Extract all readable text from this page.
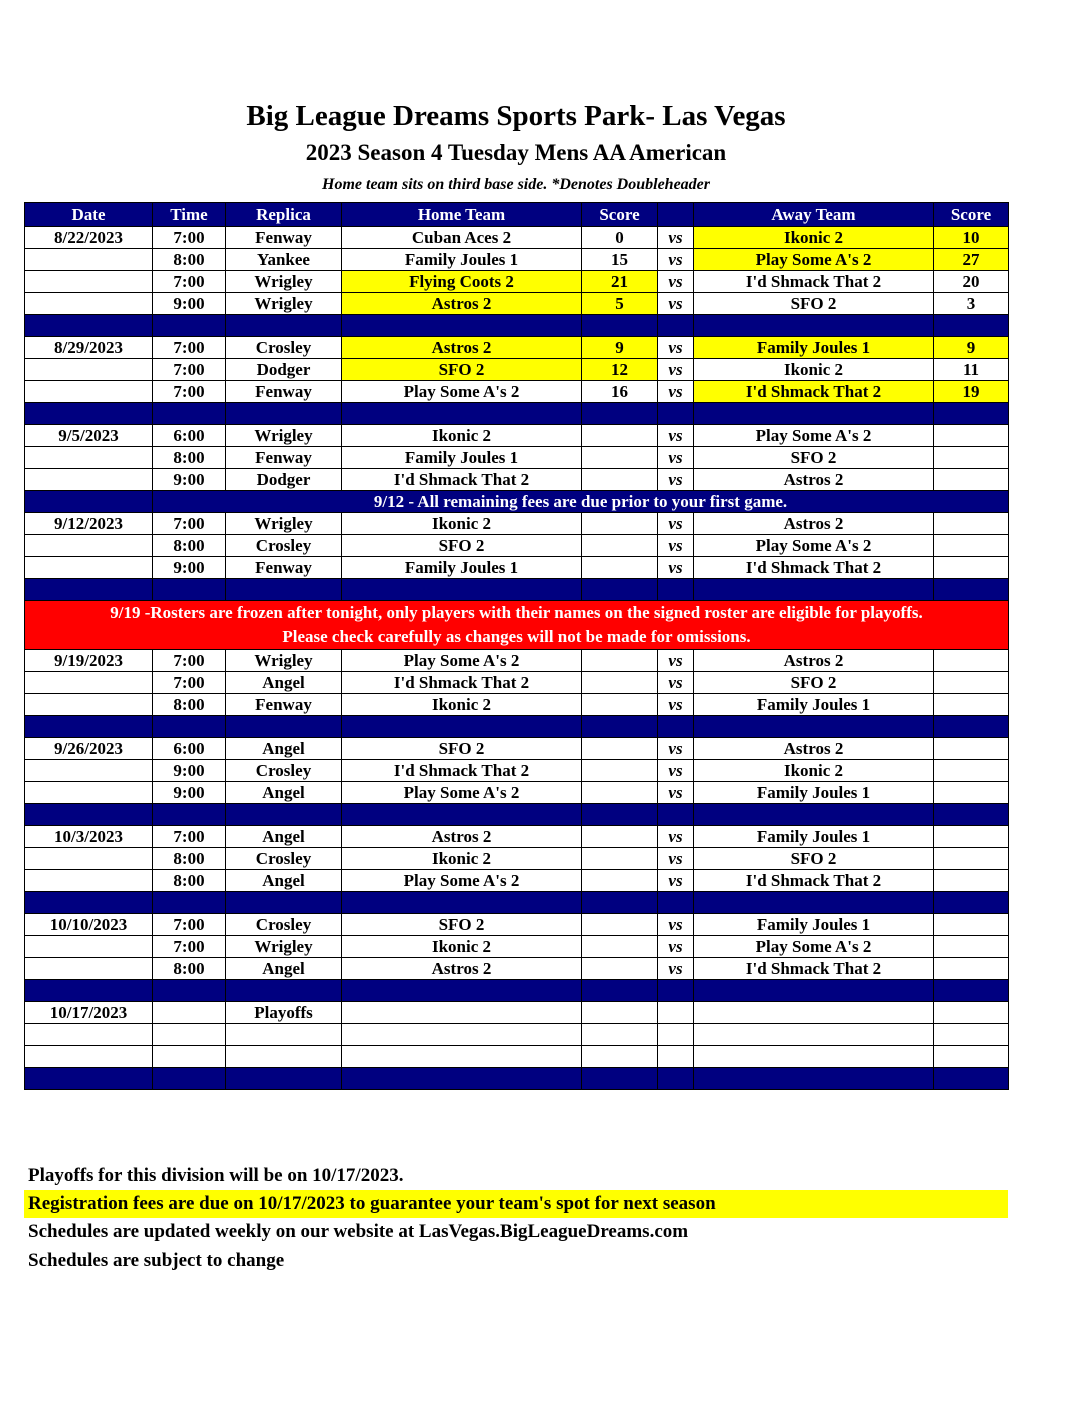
Big League Dreams Sports Park- Las Vegas
2023 Season 4 Tuesday Mens AA American
Home team sits on third base side. *Denotes Doubleheader
Date	Time	Replica	Home Team	Score		Away Team	Score
8/22/2023	7:00	Fenway	Cuban Aces 2	0	vs	Ikonic 2	10
	8:00	Yankee	Family Joules 1	15	vs	Play Some A's 2	27
	7:00	Wrigley	Flying Coots 2	21	vs	I'd Shmack That 2	20
	9:00	Wrigley	Astros 2	5	vs	SFO 2	3

8/29/2023	7:00	Crosley	Astros 2	9	vs	Family Joules 1	9
	7:00	Dodger	SFO 2	12	vs	Ikonic 2	11
	7:00	Fenway	Play Some A's 2	16	vs	I'd Shmack That 2	19

9/5/2023	6:00	Wrigley	Ikonic 2		vs	Play Some A's 2	
	8:00	Fenway	Family Joules 1		vs	SFO 2	
	9:00	Dodger	I'd Shmack That 2		vs	Astros 2	
	9/12 - All remaining fees are due prior to your first game.						
9/12/2023	7:00	Wrigley	Ikonic 2		vs	Astros 2	
	8:00	Crosley	SFO 2		vs	Play Some A's 2	
	9:00	Fenway	Family Joules 1		vs	I'd Shmack That 2	

9/19 -Rosters are frozen after tonight, only players with their names on the signed roster are eligible for playoffs.
Please check carefully as changes will not be made for omissions.							

9/19/2023	7:00	Wrigley	Play Some A's 2		vs	Astros 2	
	7:00	Angel	I'd Shmack That 2		vs	SFO 2	
	8:00	Fenway	Ikonic 2		vs	Family Joules 1	

9/26/2023	6:00	Angel	SFO 2		vs	Astros 2	
	9:00	Crosley	I'd Shmack That 2		vs	Ikonic 2	
	9:00	Angel	Play Some A's 2		vs	Family Joules 1	

10/3/2023	7:00	Angel	Astros 2		vs	Family Joules 1	
	8:00	Crosley	Ikonic 2		vs	SFO 2	
	8:00	Angel	Play Some A's 2		vs	I'd Shmack That 2	

10/10/2023	7:00	Crosley	SFO 2		vs	Family Joules 1	
	7:00	Wrigley	Ikonic 2		vs	Play Some A's 2	
	8:00	Angel	Astros 2		vs	I'd Shmack That 2	

10/17/2023		Playoffs					

Playoffs for this division will be on 10/17/2023.
Registration fees are due on 10/17/2023 to guarantee your team's spot for next season
Schedules are updated weekly on our website at LasVegas.BigLeagueDreams.com
Schedules are subject to change
